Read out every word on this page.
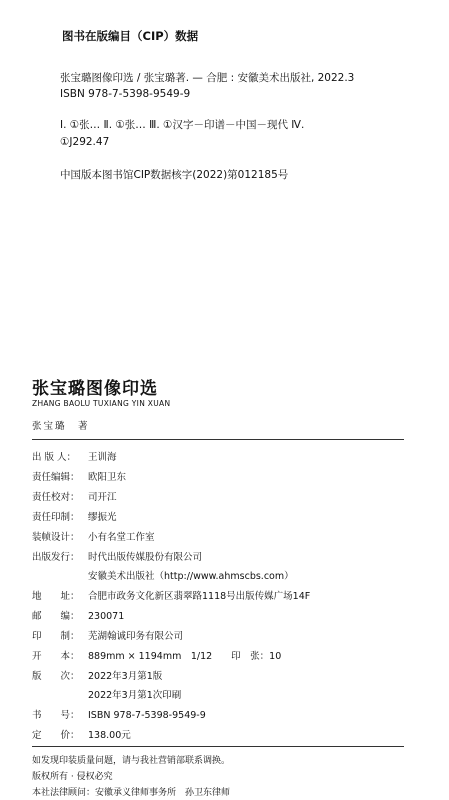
图书在版编目（CIP）数据
张宝璐图像印选 / 张宝璐著. — 合肥 : 安徽美术出版社, 2022.3
ISBN 978-7-5398-9549-9
Ⅰ. ①张… Ⅱ. ①张… Ⅲ. ①汉字－印谱－中国－现代 Ⅳ.
①J292.47
中国版本图书馆CIP数据核字(2022)第012185号
张宝璐图像印选
ZHANG BAOLU TUXIANG YIN XUAN
张宝璐　著
出 版 人： 王训海
责任编辑： 欧阳卫东
责任校对： 司开江
责任印制： 缪振光
装帧设计： 小有名堂工作室
出版发行： 时代出版传媒股份有限公司
安徽美术出版社（http://www.ahmscbs.com）
地　　址： 合肥市政务文化新区翡翠路1118号出版传媒广场14F
邮　　编： 230071
印　　制： 芜湖翰诚印务有限公司
开　　本： 889mm × 1194mm　1/12　　印　张：10
版　　次： 2022年3月第1版
2022年3月第1次印刷
书　　号： ISBN 978-7-5398-9549-9
定　　价： 138.00元
如发现印装质量问题，请与我社营销部联系调换。
版权所有 · 侵权必究
本社法律顾问：安徽承义律师事务所　孙卫东律师
